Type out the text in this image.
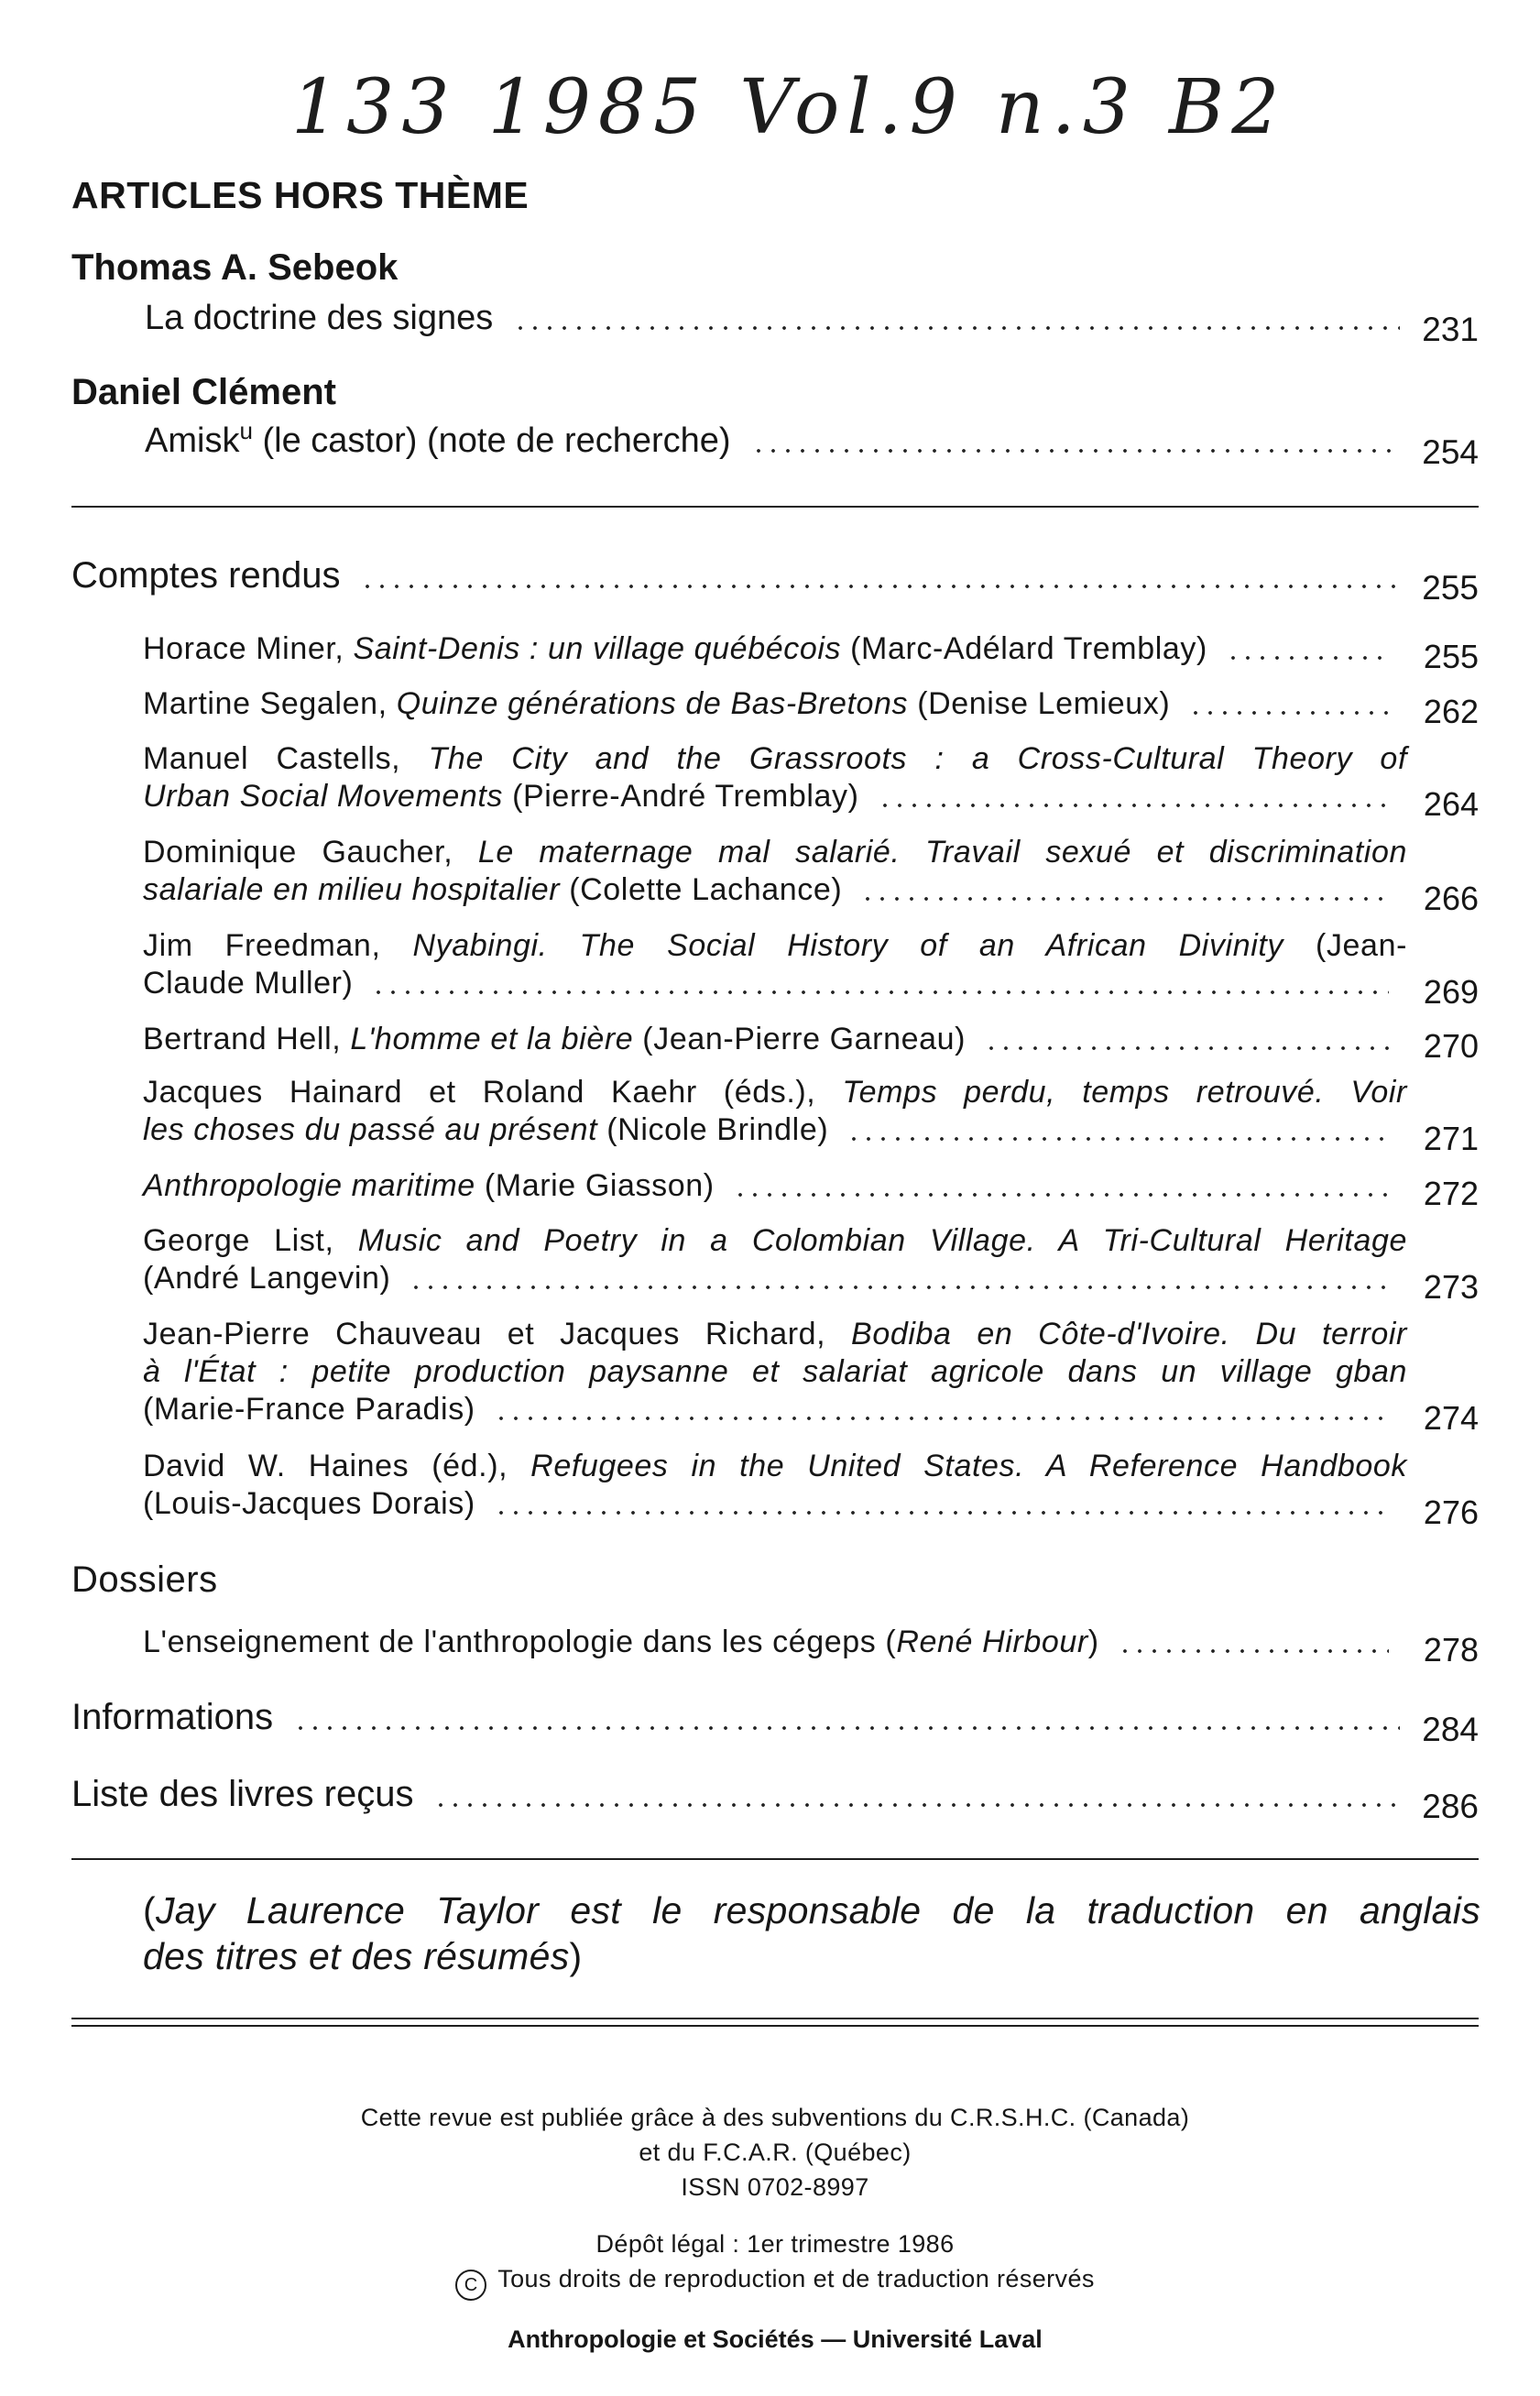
133 1985 Vol.9 n.3 B2
ARTICLES HORS THÈME
Thomas A. Sebeok
La doctrine des signes	231
Daniel Clément
Amisk$^u$ (le castor) (note de recherche)	254
Comptes rendus	255
Horace Miner, Saint-Denis : un village québécois (Marc-Adélard Tremblay)	255
Martine Segalen, Quinze générations de Bas-Bretons (Denise Lemieux)	262
Manuel Castells, The City and the Grassroots : a Cross-Cultural Theory of
Urban Social Movements (Pierre-André Tremblay)	264
Dominique Gaucher, Le maternage mal salarié. Travail sexué et discrimination
salariale en milieu hospitalier (Colette Lachance)	266
Jim Freedman, Nyabingi. The Social History of an African Divinity (Jean-
Claude Muller)	269
Bertrand Hell, L'homme et la bière (Jean-Pierre Garneau)	270
Jacques Hainard et Roland Kaehr (éds.), Temps perdu, temps retrouvé. Voir
les choses du passé au présent (Nicole Brindle)	271
Anthropologie maritime (Marie Giasson)	272
George List, Music and Poetry in a Colombian Village. A Tri-Cultural Heritage
(André Langevin)	273
Jean-Pierre Chauveau et Jacques Richard, Bodiba en Côte-d'Ivoire. Du terroir
à l'État : petite production paysanne et salariat agricole dans un village gban
(Marie-France Paradis)	274
David W. Haines (éd.), Refugees in the United States. A Reference Handbook
(Louis-Jacques Dorais)	276
Dossiers
L'enseignement de l'anthropologie dans les cégeps (René Hirbour)	278
Informations	284
Liste des livres reçus	286
(Jay Laurence Taylor est le responsable de la traduction en anglais
des titres et des résumés)
Cette revue est publiée grâce à des subventions du C.R.S.H.C. (Canada)
et du F.C.A.R. (Québec)
ISSN 0702-8997
Dépôt légal : 1er trimestre 1986
C Tous droits de reproduction et de traduction réservés
Anthropologie et Sociétés — Université Laval
